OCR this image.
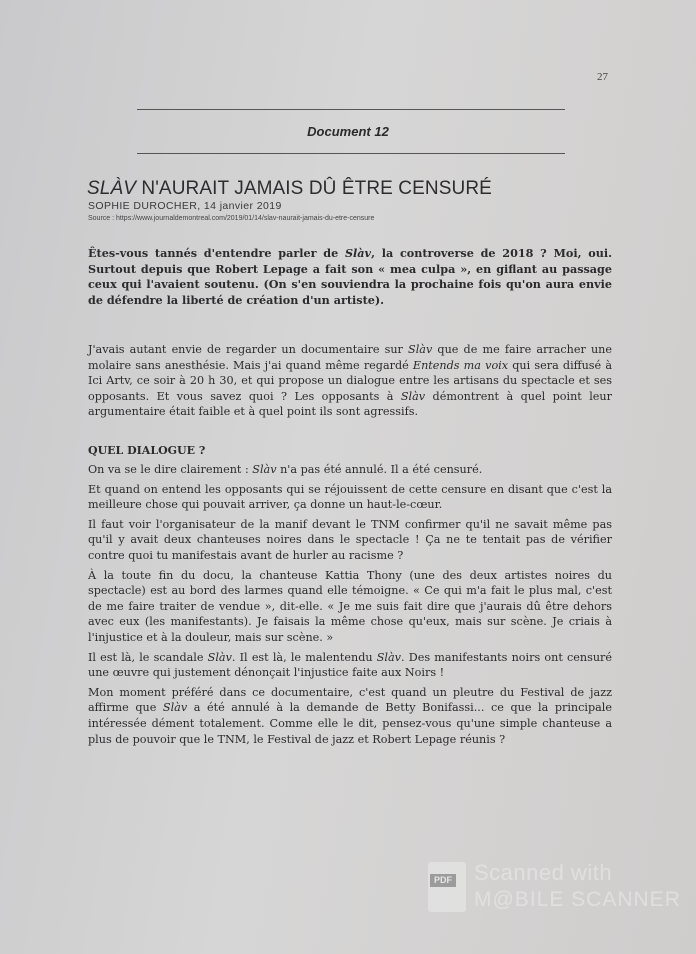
27
Document 12
SLÀV N'AURAIT JAMAIS DÛ ÊTRE CENSURÉ
SOPHIE DUROCHER, 14 janvier 2019
Source : https://www.journaldemontreal.com/2019/01/14/slav-naurait-jamais-du-etre-censure

Êtes-vous tannés d'entendre parler de Slàv, la controverse de 2018 ? Moi, oui. Surtout depuis que Robert Lepage a fait son « mea culpa », en giflant au passage ceux qui l'avaient soutenu. (On s'en souviendra la prochaine fois qu'on aura envie de défendre la liberté de création d'un artiste).

J'avais autant envie de regarder un documentaire sur Slàv que de me faire arracher une molaire sans anesthésie. Mais j'ai quand même regardé Entends ma voix qui sera diffusé à Ici Artv, ce soir à 20 h 30, et qui propose un dialogue entre les artisans du spectacle et ses opposants. Et vous savez quoi ? Les opposants à Slàv démontrent à quel point leur argumentaire était faible et à quel point ils sont agressifs.

QUEL DIALOGUE ?

On va se le dire clairement : Slàv n'a pas été annulé. Il a été censuré.

Et quand on entend les opposants qui se réjouissent de cette censure en disant que c'est la meilleure chose qui pouvait arriver, ça donne un haut-le-cœur.

Il faut voir l'organisateur de la manif devant le TNM confirmer qu'il ne savait même pas qu'il y avait deux chanteuses noires dans le spectacle ! Ça ne te tentait pas de vérifier contre quoi tu manifestais avant de hurler au racisme ?

À la toute fin du docu, la chanteuse Kattia Thony (une des deux artistes noires du spectacle) est au bord des larmes quand elle témoigne. « Ce qui m'a fait le plus mal, c'est de me faire traiter de vendue », dit-elle. « Je me suis fait dire que j'aurais dû être dehors avec eux (les manifestants). Je faisais la même chose qu'eux, mais sur scène. Je criais à l'injustice et à la douleur, mais sur scène. »

Il est là, le scandale Slàv. Il est là, le malentendu Slàv. Des manifestants noirs ont censuré une œuvre qui justement dénonçait l'injustice faite aux Noirs !

Mon moment préféré dans ce documentaire, c'est quand un pleutre du Festival de jazz affirme que Slàv a été annulé à la demande de Betty Bonifassi... ce que la principale intéressée dément totalement. Comme elle le dit, pensez-vous qu'une simple chanteuse a plus de pouvoir que le TNM, le Festival de jazz et Robert Lepage réunis ?

PDF Scanned with
M@BILE SCANNER
